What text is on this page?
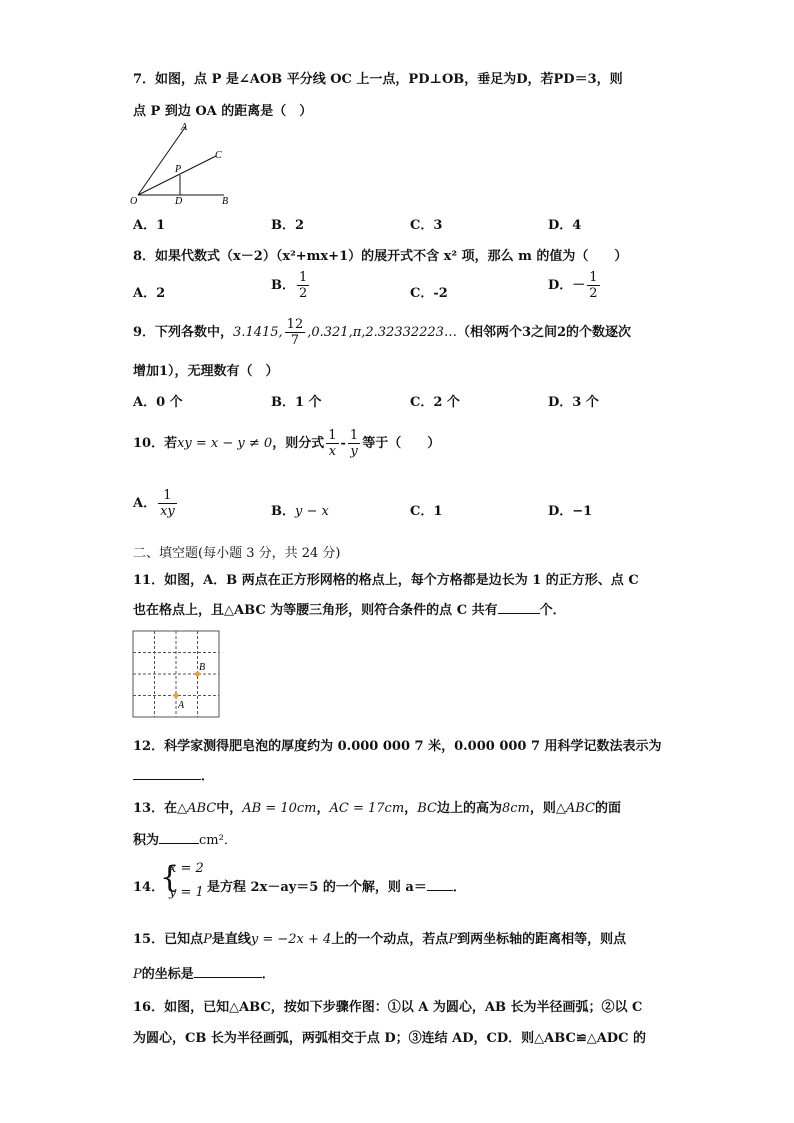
7．如图，点 P 是∠AOB 平分线 OC 上一点，PD⊥OB，垂足为D，若PD＝3，则
点 P 到边 OA 的距离是（　）
A
C
P
O	D	B
A．1	B．2	C．3	D．4
8．如果代数式（x－2）（x²+mx+1）的展开式不含 x² 项，那么 m 的值为（　　）
A．2
B． $\frac{1}{2}$	C．-2
D．－ $\frac{1}{2}$
9．下列各数中，3.1415, $\frac{12}{7}$ ,0.321,π,2.32332223…（相邻两个3之间2的个数逐次
增加1），无理数有（　）
A．0 个	B．1 个	C．2 个	D．3 个
10．若xy = x − y ≠ 0，则分式 $\frac{1}{x} - \frac{1}{y}$ 等于（　　）
A． $\frac{1}{xy}$	B．y − x	C．1	D．−1
二、填空题(每小题 3 分，共 24 分)
11．如图，A．B 两点在正方形网格的格点上，每个方格都是边长为 1 的正方形、点 C
也在格点上，且△ABC 为等腰三角形，则符合条件的点 C 共有	个．
A
B
12．科学家测得肥皂泡的厚度约为 0.000 000 7 米，0.000 000 7 用科学记数法表示为
．
13．在△ABC中，AB = 10cm，AC = 17cm，BC边上的高为8cm，则△ABC的面
积为	cm²．
14．
{
x = 2
y = 1 是方程 2x－ay＝5 的一个解，则 a＝ ．
15．已知点P是直线y = −2x + 4上的一个动点，若点P到两坐标轴的距离相等，则点
P的坐标是	．
16．如图，已知△ABC，按如下步骤作图：①以 A 为圆心，AB 长为半径画弧；②以 C
为圆心，CB 长为半径画弧，两弧相交于点 D；③连结 AD，CD．则△ABC≌△ADC 的
